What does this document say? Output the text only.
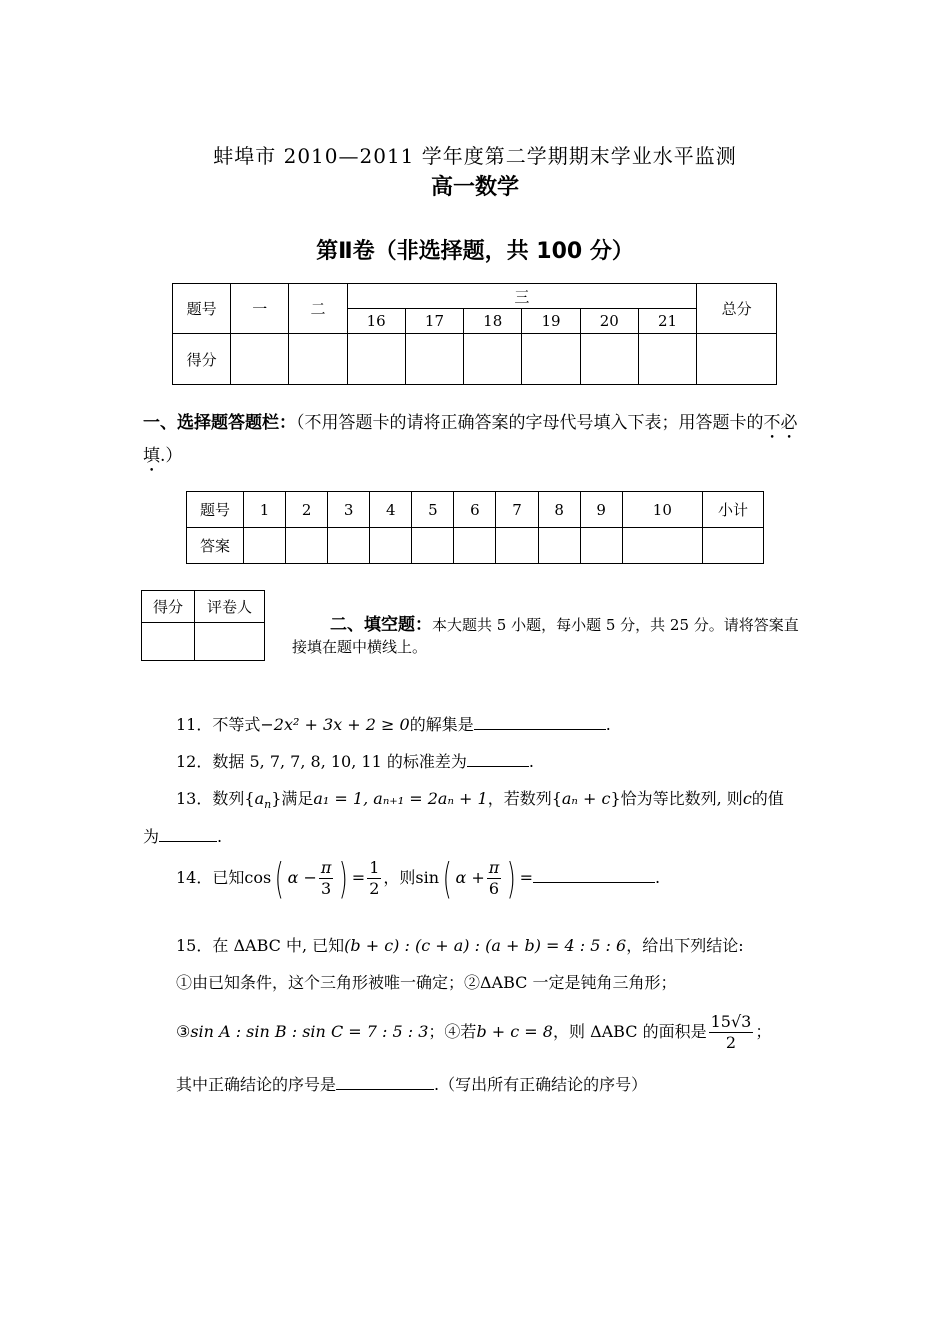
蚌埠市 2010—2011 学年度第二学期期末学业水平监测
高一数学
第Ⅱ卷（非选择题，共 100 分）
题号	一	二	三						总分
			16	17	18	19	20	21	
得分									
一、选择题答题栏：（不用答题卡的请将正确答案的字母代号填入下表；用答题卡的不必填.）
题号	1	2	3	4	5	6	7	8	9	10	小计
答案											
得分	评卷人

二、填空题：本大题共 5 小题，每小题 5 分，共 25 分。请将答案直接填在题中横线上。
11．不等式−2x² + 3x + 2 ≥ 0的解集是	.
12．数据 5, 7, 7, 8, 10, 11 的标准差为	.
13．数列$\{a_n\}$满足a₁ = 1, aₙ₊₁ = 2aₙ + 1，若数列{aₙ + c}恰为等比数列, 则c的值
为	.
14．已知cos( $\alpha - \frac{\pi}{3}$ ) = $\frac{1}{2}$ ，则sin( $\alpha + \frac{\pi}{6}$ ) =	.
15．在 ΔABC 中, 已知(b + c) : (c + a) : (a + b) = 4 : 5 : 6，给出下列结论:
①由已知条件，这个三角形被唯一确定；②ΔABC 一定是钝角三角形；
③sin A : sin B : sin C = 7 : 5 : 3；④若b + c = 8，则 ΔABC 的面积是 $\frac{15√3}{2}$ ；
其中正确结论的序号是	.（写出所有正确结论的序号）
